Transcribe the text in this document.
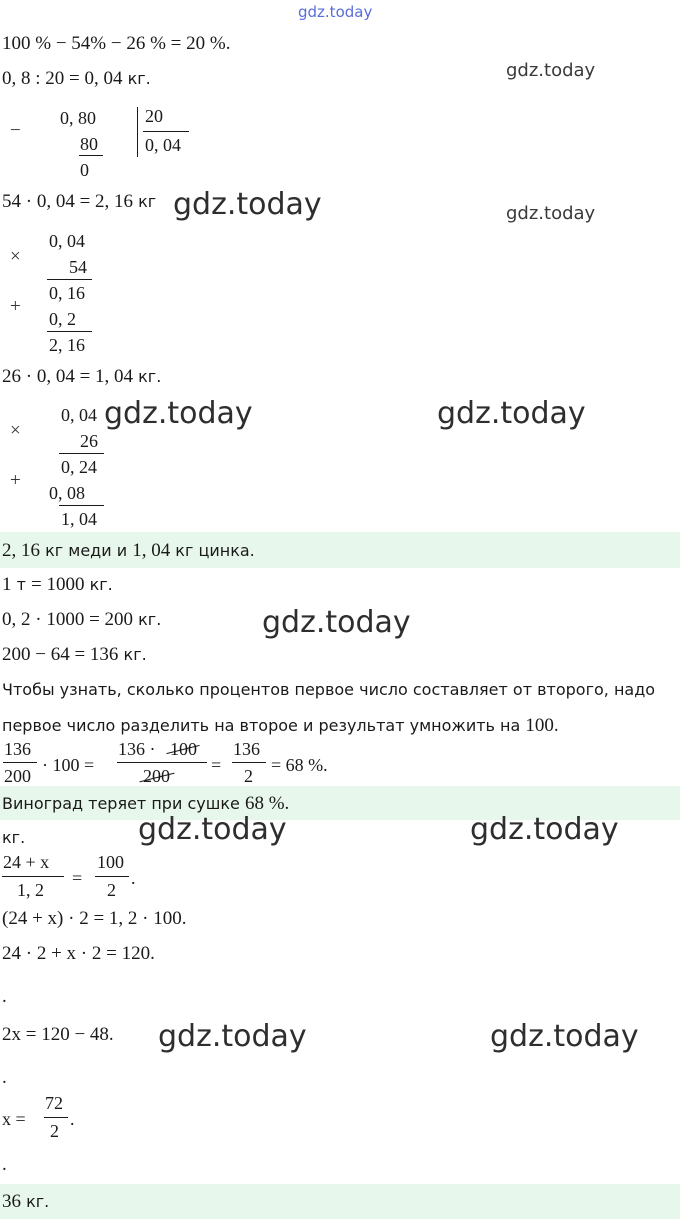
gdz.today
100 % − 54% − 26 % = 20 %.
0, 8 : 20 = 0, 04 кг.	gdz.today
−
0, 80
80
0
20
0, 04
54 · 0, 04 = 2, 16 кг gdz.today	gdz.today
×
0, 04
54
0, 16
+
0, 2
2, 16
26 · 0, 04 = 1, 04 кг.
×
0, 04 gdz.today	gdz.today
26
0, 24
+
0, 08
1, 04
2, 16 кг меди и 1, 04 кг цинка.
1 т = 1000 кг.
0, 2 · 1000 = 200 кг.	gdz.today
200 − 64 = 136 кг.
Чтобы узнать, сколько процентов первое число составляет от второго, надо
первое число разделить на второе и результат умножить на 100.
136
200
· 100 =
136 · 100
200
=
136
2
= 68 %.
Виноград теряет при сушке 68 %.
кг.	gdz.today	gdz.today
24 + x
1, 2
=
100
2
.
(24 + x) · 2 = 1, 2 · 100.
24 · 2 + x · 2 = 120.
.
2x = 120 − 48. gdz.today	gdz.today
.
x =
72
2
.
.
36 кг.
